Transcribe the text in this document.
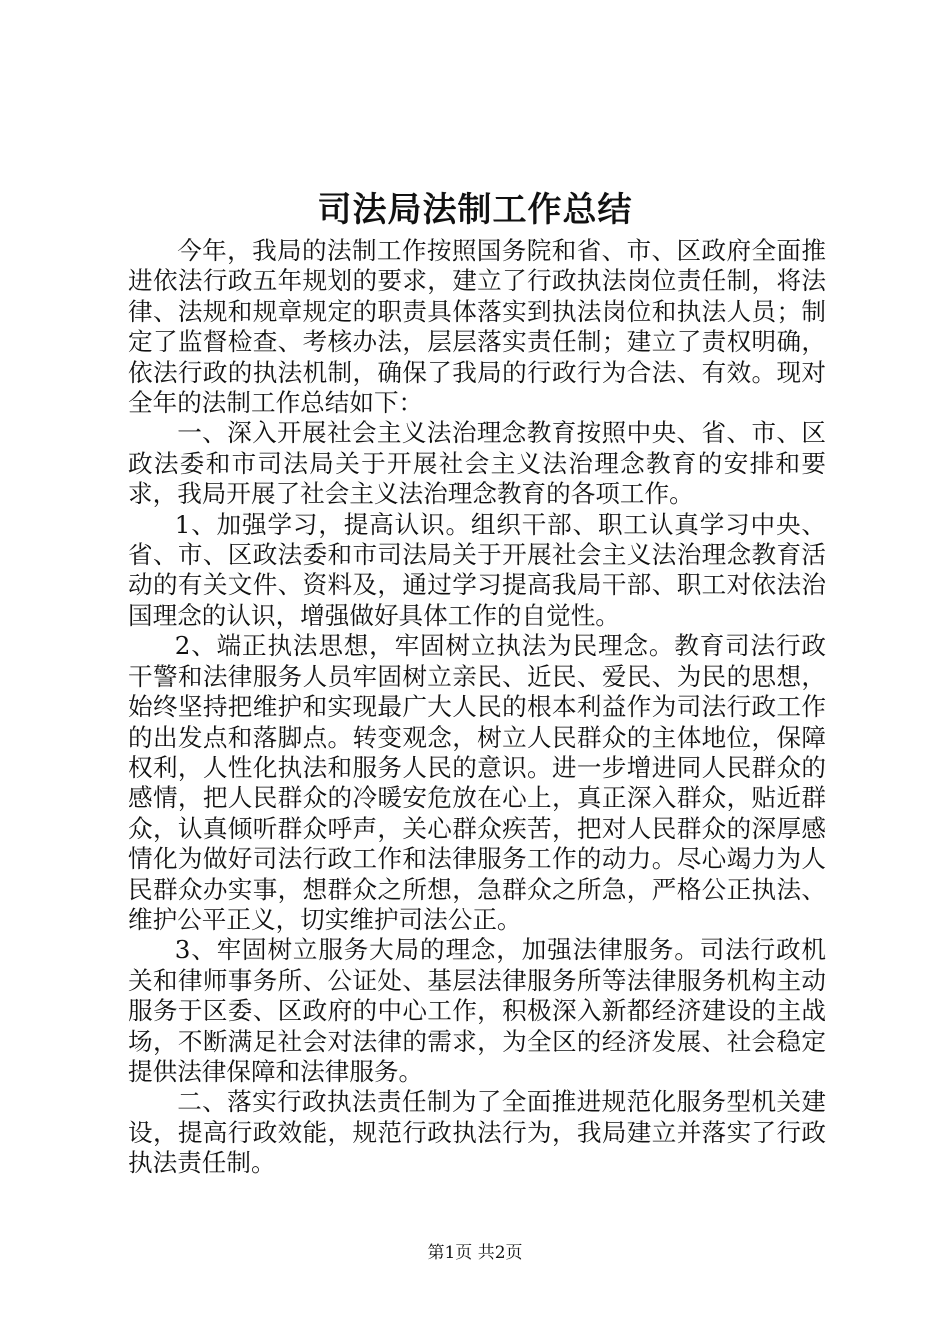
司法局法制工作总结

今年，我局的法制工作按照国务院和省、市、区政府全面推进依法行政五年规划的要求，建立了行政执法岗位责任制，将法律、法规和规章规定的职责具体落实到执法岗位和执法人员；制定了监督检查、考核办法，层层落实责任制；建立了责权明确，依法行政的执法机制，确保了我局的行政行为合法、有效。现对全年的法制工作总结如下：

一、深入开展社会主义法治理念教育按照中央、省、市、区政法委和市司法局关于开展社会主义法治理念教育的安排和要求，我局开展了社会主义法治理念教育的各项工作。

1、加强学习，提高认识。组织干部、职工认真学习中央、省、市、区政法委和市司法局关于开展社会主义法治理念教育活动的有关文件、资料及，通过学习提高我局干部、职工对依法治国理念的认识，增强做好具体工作的自觉性。

2、端正执法思想，牢固树立执法为民理念。教育司法行政干警和法律服务人员牢固树立亲民、近民、爱民、为民的思想，始终坚持把维护和实现最广大人民的根本利益作为司法行政工作的出发点和落脚点。转变观念，树立人民群众的主体地位，保障权利，人性化执法和服务人民的意识。进一步增进同人民群众的感情，把人民群众的冷暖安危放在心上，真正深入群众，贴近群众，认真倾听群众呼声，关心群众疾苦，把对人民群众的深厚感情化为做好司法行政工作和法律服务工作的动力。尽心竭力为人民群众办实事，想群众之所想，急群众之所急，严格公正执法、维护公平正义，切实维护司法公正。

3、牢固树立服务大局的理念，加强法律服务。司法行政机关和律师事务所、公证处、基层法律服务所等法律服务机构主动服务于区委、区政府的中心工作，积极深入新都经济建设的主战场，不断满足社会对法律的需求，为全区的经济发展、社会稳定提供法律保障和法律服务。

二、落实行政执法责任制为了全面推进规范化服务型机关建设，提高行政效能，规范行政执法行为，我局建立并落实了行政执法责任制。

第1页 共2页
